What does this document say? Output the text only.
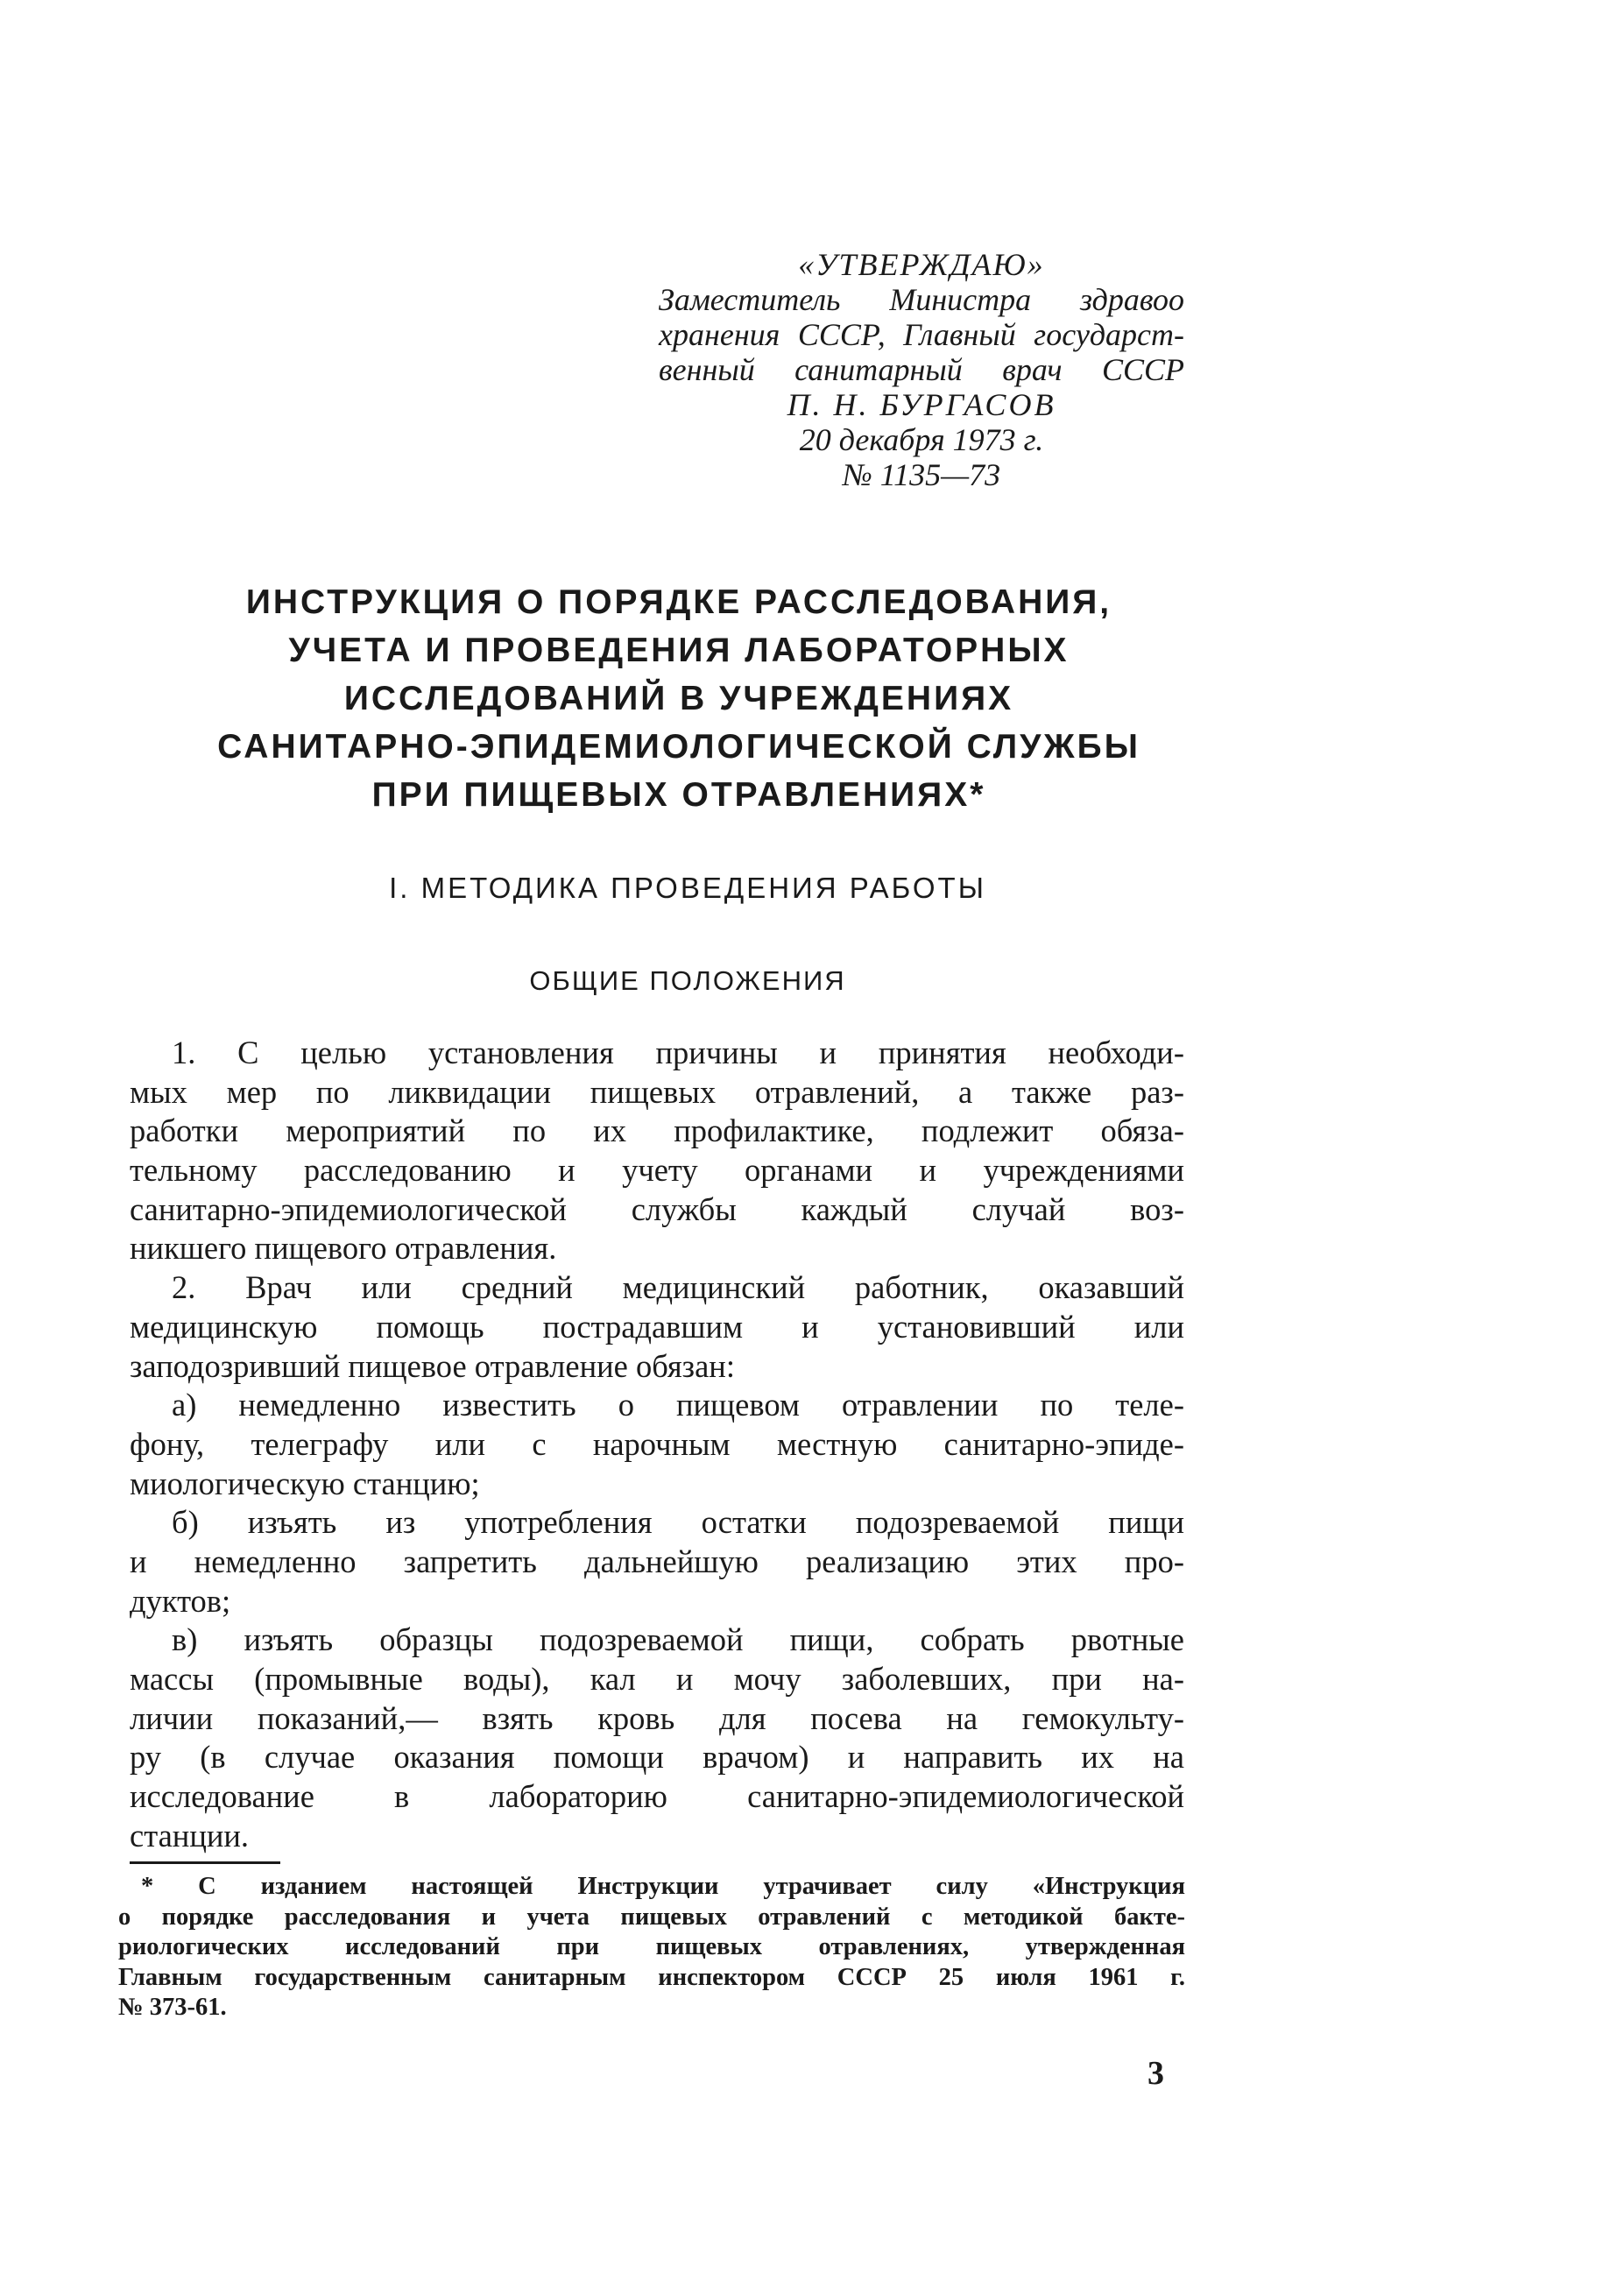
«УТВЕРЖДАЮ»
Заместитель Министра здравоо
хранения СССР, Главный государст-
венный санитарный врач СССР
П. Н. БУРГАСОВ
20 декабря 1973 г.
№ 1135—73
ИНСТРУКЦИЯ О ПОРЯДКЕ РАССЛЕДОВАНИЯ,
УЧЕТА И ПРОВЕДЕНИЯ ЛАБОРАТОРНЫХ
ИССЛЕДОВАНИЙ В УЧРЕЖДЕНИЯХ
САНИТАРНО-ЭПИДЕМИОЛОГИЧЕСКОЙ СЛУЖБЫ
ПРИ ПИЩЕВЫХ ОТРАВЛЕНИЯХ*
I. МЕТОДИКА ПРОВЕДЕНИЯ РАБОТЫ
ОБЩИЕ ПОЛОЖЕНИЯ
1. С целью установления причины и принятия необходи-
мых мер по ликвидации пищевых отравлений, а также раз-
работки мероприятий по их профилактике, подлежит обяза-
тельному расследованию и учету органами и учреждениями
санитарно-эпидемиологической службы каждый случай воз-
никшего пищевого отравления.
2. Врач или средний медицинский работник, оказавший
медицинскую помощь пострадавшим и установивший или
заподозривший пищевое отравление обязан:
а) немедленно известить о пищевом отравлении по теле-
фону, телеграфу или с нарочным местную санитарно-эпиде-
миологическую станцию;
б) изъять из употребления остатки подозреваемой пищи
и немедленно запретить дальнейшую реализацию этих про-
дуктов;
в) изъять образцы подозреваемой пищи, собрать рвотные
массы (промывные воды), кал и мочу заболевших, при на-
личии показаний,— взять кровь для посева на гемокульту-
ру (в случае оказания помощи врачом) и направить их на
исследование в лабораторию санитарно-эпидемиологической
станции.
* С изданием настоящей Инструкции утрачивает силу «Инструкция
о порядке расследования и учета пищевых отравлений с методикой бакте-
риологических исследований при пищевых отравлениях, утвержденная
Главным государственным санитарным инспектором СССР 25 июля 1961 г.
№ 373-61.
3
